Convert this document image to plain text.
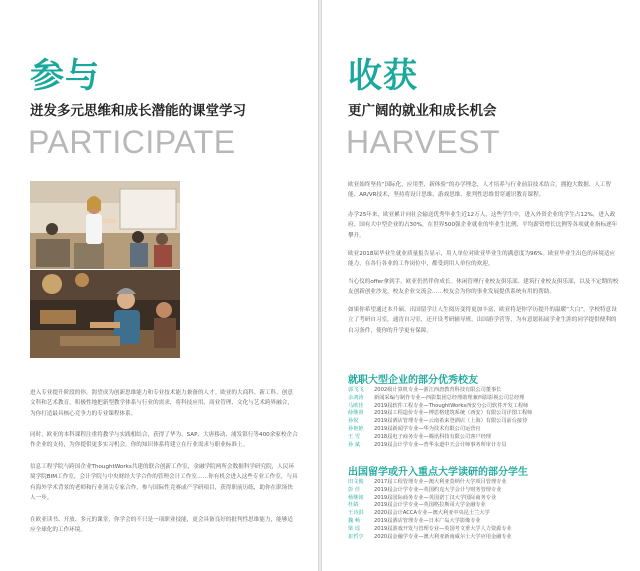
参与
迸发多元思维和成长潜能的课堂学习
PARTICIPATE

进入专业提升阶段的你，渴望成为创新思维能力和专业技术能力兼备的人才。欧亚的大商科、新工科、创意文科和艺术教育，积极性地把新型教学体系与行业的需求，将科技应用、商业管理、文化与艺术跨界融合，为你打造最具核心竞争力的专业课程体系。

同时，欧亚的本科课程注重将教学与实践相结合，获得了华为、SAP、大唐移动、浦发银行等400余家校企合作企业的支持，为你提供更多实习机会，你的知识体系将建立在行业需求与职业标准上。

信息工程学院与跨国企业ThoughtWorks共建的联合创新工作室，金融学院两所会数据科学研究院，人民环境学院BIM工作室，会计学院与中央财经大学合作的管理会计工作室……你有机会进入这些专业工作室，与具有海外学术背景的老师和行业顶尖专家合作，参与国际性竞赛或产学研项目，获得职前历练，助你在职场快人一步。

在欧亚读书、开放、多元的课堂，你学会的不只是一项职业技能，更会具备良好的批判性思维能力，能够适应全球化的工作环境。

收获
更广阔的就业和成长机会
HARVEST

欧亚始终坚持“国际化、应用型、新体验”的办学理念，人才培养与行业前沿技术结合，拥抱大数据、人工智能、AR/VR技术，坚持将设计思维、游戏思维、批判性思维贯穿通识教育课程。

办学25年来，欧亚累计向社会输送优秀毕业生近12万人，这些学生中，进入外资企业的学生占12%，进入政府、国有大中型企业的占30%，在世界500强企业就业的毕业生比例、平均薪资增长比例等各项就业指标逐年攀升。

欧亚2018届毕业生就业质量报告显示，用人单位对欧亚毕业生的满意度为96%。欧亚毕业生出色的环境适应能力，在各行各业的工作岗位中，都受到用人单位的欢迎。

当心仪的offer拿到手，欧亚仍然伴你成长。休闲管理行业校友俱乐部、建筑行业校友俱乐部，以及不定期的校友创新创业沙龙，校友企业交流会……校友会为你的事业发展提供系统有用的帮助。

如果你希望通过本升硕、出国留学让人生阅历变得更加丰富，欧亚将是你学历提升的温暖“大白”，学校特意设立了考研自习室，通宵自习室，还开设考研辅导班，出国游学营等，为有意愿拓展学业生涯的同学提供便利的自习条件，使你的升学更有保障。

就职大型企业的部分优秀校友
郭飞飞	2002级计算机专业—浙江西唐教育科技有限公司董事长
余鸿涛	新闻采编与制作专业—西影集团总经理助理兼西影影视公司总经理
马欧佳	2019届软件工程专业—ThoughtWorks西安分公司软件开发工程师
薛继贤	2019届工程造价专业—博思格建筑系统（西安）有限公司详图工程师
孙悦	2019届酒店管理专业—云南希来登酒店（上海）有限公司前台接待
孙艳艳	2019届新闻学专业—华为技术有限公司运营官
王 雪	2018届电子商务专业—腾讯科技有限公司客户经理
孙 斌	2019届会计学专业—普华永道中天会计师事务所审计专员
出国留学或升入重点大学读研的部分学生
田文俊	2017届工程管理专业—澳大利亚莫纳什大学项目管理专业
彭 佳	2019届会计学专业—英国约克大学会计与财务管理专业
杨继铭	2019届国际商务专业—英国诺丁汉大学国际商务专业
杜婧	2019届会计学专业—英国格拉斯哥大学金融专业
王诗淇	2020届会计ACCA专业—澳大利亚中央昆士兰大学
魏 畅	2019届酒店管理专业—日本广岛大学影像专业
梁 瑶	2019届游戏开发与管理专业—英国考文垂大学人力资源专业
崔哲亨	2020届金融学专业—澳大利亚新南威尔士大学应用金融专业
